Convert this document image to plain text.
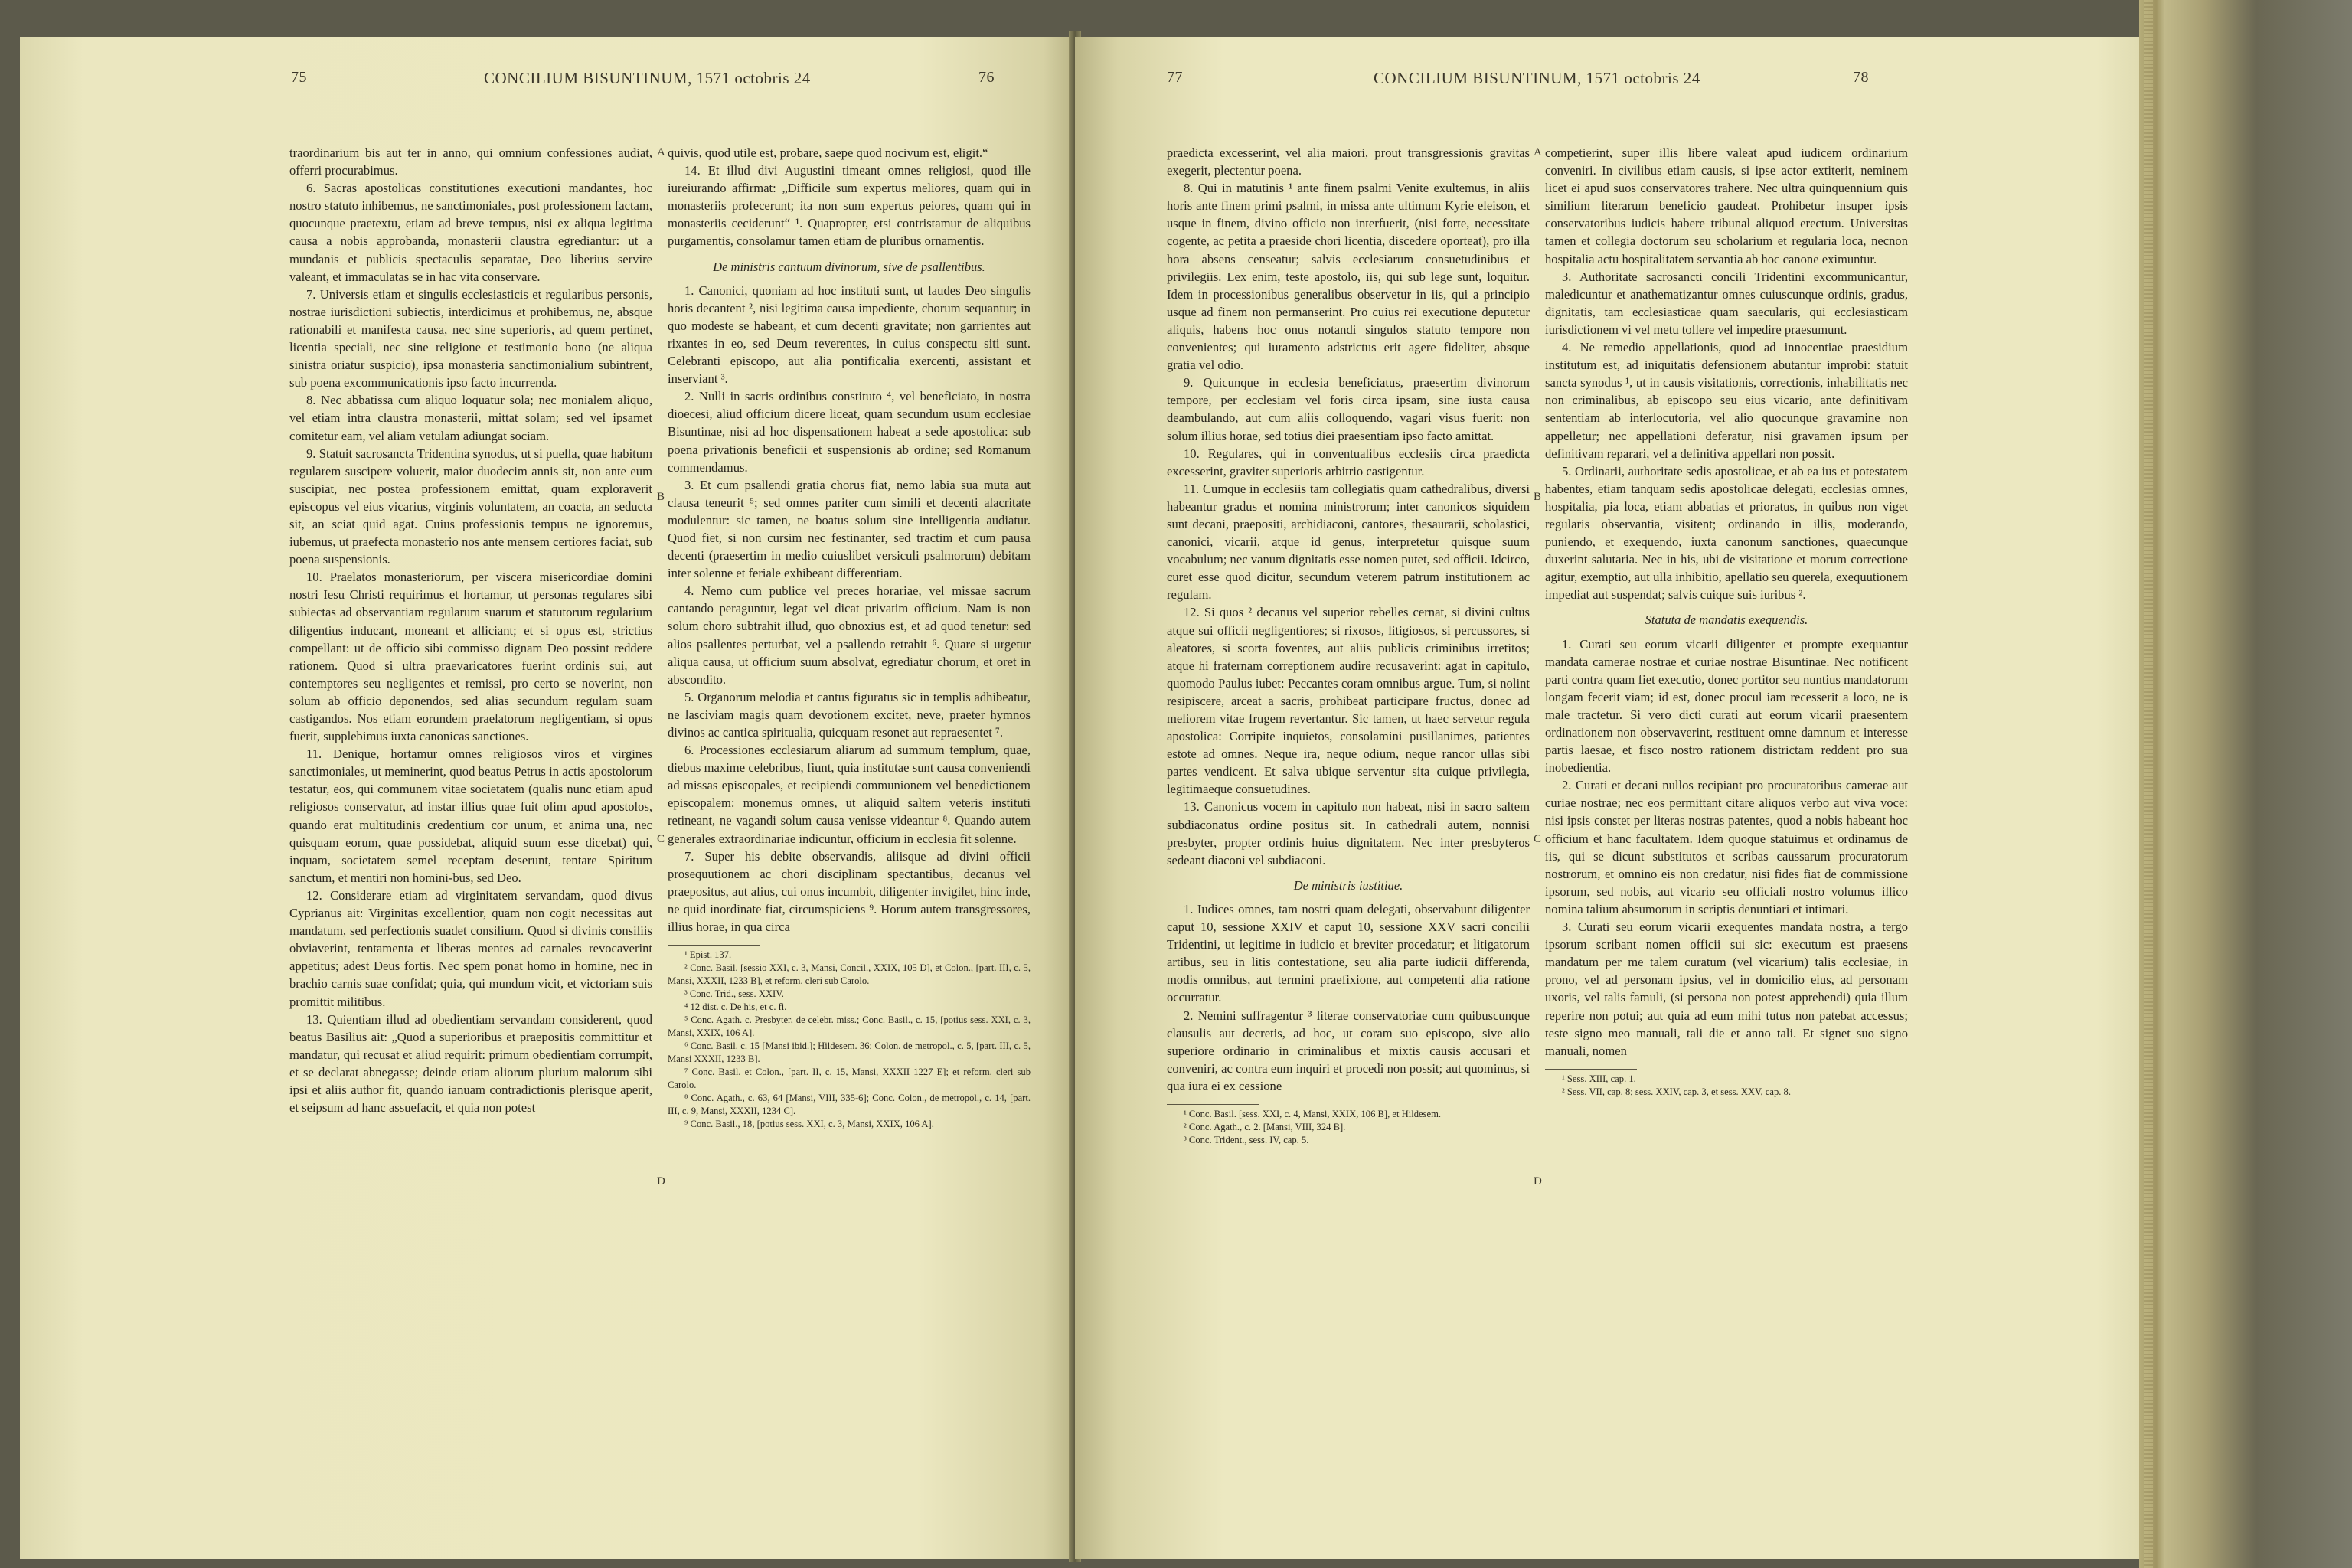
75	CONCILIUM BISUNTINUM, 1571 octobris 24	76

traordinarium bis aut ter in anno, qui omnium confessiones audiat, offerri procurabimus.

6. Sacras apostolicas constitutiones executioni mandantes, hoc nostro statuto inhibemus, ne sanctimoniales, post professionem factam, quocunque praetextu, etiam ad breve tempus, nisi ex aliqua legitima causa a nobis approbanda, monasterii claustra egrediantur: ut a mundanis et publicis spectaculis separatae, Deo liberius servire valeant, et immaculatas se in hac vita conservare.

7. Universis etiam et singulis ecclesiasticis et regularibus personis, nostrae iurisdictioni subiectis, interdicimus et prohibemus, ne, absque rationabili et manifesta causa, nec sine superioris, ad quem pertinet, licentia speciali, nec sine religione et testimonio bono (ne aliqua sinistra oriatur suspicio), ipsa monasteria sanctimonialium subintrent, sub poena excommunicationis ipso facto incurrenda.

8. Nec abbatissa cum aliquo loquatur sola; nec monialem aliquo, vel etiam intra claustra monasterii, mittat solam; sed vel ipsamet comitetur eam, vel aliam vetulam adiungat sociam.

9. Statuit sacrosancta Tridentina synodus, ut si puella, quae habitum regularem suscipere voluerit, maior duodecim annis sit, non ante eum suscipiat, nec postea professionem emittat, quam exploraverit episcopus vel eius vicarius, virginis voluntatem, an coacta, an seducta sit, an sciat quid agat. Cuius professionis tempus ne ignoremus, iubemus, ut praefecta monasterio nos ante mensem certiores faciat, sub poena suspensionis.

10. Praelatos monasteriorum, per viscera misericordiae domini nostri Iesu Christi requirimus et hortamur, ut personas regulares sibi subiectas ad observantiam regularum suarum et statutorum regularium diligentius inducant, moneant et alliciant; et si opus est, strictius compellant: ut de officio sibi commisso dignam Deo possint reddere rationem. Quod si ultra praevaricatores fuerint ordinis sui, aut contemptores seu negligentes et remissi, pro certo se noverint, non solum ab officio deponendos, sed alias secundum regulam suam castigandos. Nos etiam eorundem praelatorum negligentiam, si opus fuerit, supplebimus iuxta canonicas sanctiones.

11. Denique, hortamur omnes religiosos viros et virgines sanctimoniales, ut meminerint, quod beatus Petrus in actis apostolorum testatur, eos, qui communem vitae societatem (qualis nunc etiam apud religiosos conservatur, ad instar illius quae fuit olim apud apostolos, quando erat multitudinis credentium cor unum, et anima una, nec quisquam eorum, quae possidebat, aliquid suum esse dicebat) qui, inquam, societatem semel receptam deserunt, tentare Spiritum sanctum, et mentiri non homini-bus, sed Deo.

12. Considerare etiam ad virginitatem servandam, quod divus Cyprianus ait: Virginitas excellentior, quam non cogit necessitas aut mandatum, sed perfectionis suadet consilium. Quod si divinis consiliis obviaverint, tentamenta et liberas mentes ad carnales revocaverint appetitus; adest Deus fortis. Nec spem ponat homo in homine, nec in brachio carnis suae confidat; quia, qui mundum vicit, et victoriam suis promittit militibus.

13. Quientiam illud ad obedientiam servandam considerent, quod beatus Basilius ait: „Quod a superioribus et praepositis committitur et mandatur, qui recusat et aliud requirit: primum obedientiam corrumpit, et se declarat abnegasse; deinde etiam aliorum plurium malorum sibi ipsi et aliis author fit, quando ianuam contradictionis plerisque aperit, et seipsum ad hanc assuefacit, et quia non potest

quivis, quod utile est, probare, saepe quod nocivum est, eligit.“

14. Et illud divi Augustini timeant omnes religiosi, quod ille iureiurando affirmat: „Difficile sum expertus meliores, quam qui in monasteriis profecerunt; ita non sum expertus peiores, quam qui in monasteriis ceciderunt“ ¹. Quapropter, etsi contristamur de aliquibus purgamentis, consolamur tamen etiam de pluribus ornamentis.

De ministris cantuum divinorum, sive de psallentibus.

1. Canonici, quoniam ad hoc instituti sunt, ut laudes Deo singulis horis decantent ², nisi legitima causa impediente, chorum sequantur; in quo modeste se habeant, et cum decenti gravitate; non garrientes aut rixantes in eo, sed Deum reverentes, in cuius conspectu siti sunt. Celebranti episcopo, aut alia pontificalia exercenti, assistant et inserviant ³.

2. Nulli in sacris ordinibus constituto ⁴, vel beneficiato, in nostra dioecesi, aliud officium dicere liceat, quam secundum usum ecclesiae Bisuntinae, nisi ad hoc dispensationem habeat a sede apostolica: sub poena privationis beneficii et suspensionis ab ordine; sed Romanum commendamus.

3. Et cum psallendi gratia chorus fiat, nemo labia sua muta aut clausa teneurit ⁵; sed omnes pariter cum simili et decenti alacritate modulentur: sic tamen, ne boatus solum sine intelligentia audiatur. Quod fiet, si non cursim nec festinanter, sed tractim et cum pausa decenti (praesertim in medio cuiuslibet versiculi psalmorum) debitam inter solenne et feriale exhibeant differentiam.

4. Nemo cum publice vel preces horariae, vel missae sacrum cantando peraguntur, legat vel dicat privatim officium. Nam is non solum choro subtrahit illud, quo obnoxius est, et ad quod tenetur: sed alios psallentes perturbat, vel a psallendo retrahit ⁶. Quare si urgetur aliqua causa, ut officium suum absolvat, egrediatur chorum, et oret in abscondito.

5. Organorum melodia et cantus figuratus sic in templis adhibeatur, ne lasciviam magis quam devotionem excitet, neve, praeter hymnos divinos ac cantica spiritualia, quicquam resonet aut repraesentet ⁷.

6. Processiones ecclesiarum aliarum ad summum templum, quae, diebus maxime celebribus, fiunt, quia institutae sunt causa conveniendi ad missas episcopales, et recipiendi communionem vel benedictionem episcopalem: monemus omnes, ut aliquid saltem veteris instituti retineant, ne vagandi solum causa venisse videantur ⁸. Quando autem generales extraordinariae indicuntur, officium in ecclesia fit solenne.

7. Super his debite observandis, aliisque ad divini officii prosequutionem ac chori disciplinam spectantibus, decanus vel praepositus, aut alius, cui onus incumbit, diligenter invigilet, hinc inde, ne quid inordinate fiat, circumspiciens ⁹. Horum autem transgressores, illius horae, in qua circa

¹ Epist. 137.

² Conc. Basil. [sessio XXI, c. 3, Mansi, Concil., XXIX, 105 D], et Colon., [part. III, c. 5, Mansi, XXXII, 1233 B], et reform. cleri sub Carolo.

³ Conc. Trid., sess. XXIV.

⁴ 12 dist. c. De his, et c. fi.

⁵ Conc. Agath. c. Presbyter, de celebr. miss.; Conc. Basil., c. 15, [potius sess. XXI, c. 3, Mansi, XXIX, 106 A].

⁶ Conc. Basil. c. 15 [Mansi ibid.]; Hildesem. 36; Colon. de metropol., c. 5, [part. III, c. 5, Mansi XXXII, 1233 B].

⁷ Conc. Basil. et Colon., [part. II, c. 15, Mansi, XXXII 1227 E]; et reform. cleri sub Carolo.

⁸ Conc. Agath., c. 63, 64 [Mansi, VIII, 335-6]; Conc. Colon., de metropol., c. 14, [part. III, c. 9, Mansi, XXXII, 1234 C].

⁹ Conc. Basil., 18, [potius sess. XXI, c. 3, Mansi, XXIX, 106 A].

A
B
C
D
77	CONCILIUM BISUNTINUM, 1571 octobris 24	78

praedicta excesserint, vel alia maiori, prout transgressionis gravitas exegerit, plectentur poena.

8. Qui in matutinis ¹ ante finem psalmi Venite exultemus, in aliis horis ante finem primi psalmi, in missa ante ultimum Kyrie eleison, et usque in finem, divino officio non interfuerit, (nisi forte, necessitate cogente, ac petita a praeside chori licentia, discedere oporteat), pro illa hora absens censeatur; salvis ecclesiarum consuetudinibus et privilegiis. Lex enim, teste apostolo, iis, qui sub lege sunt, loquitur. Idem in processionibus generalibus observetur in iis, qui a principio usque ad finem non permanserint. Pro cuius rei executione deputetur aliquis, habens hoc onus notandi singulos statuto tempore non convenientes; qui iuramento adstrictus erit agere fideliter, absque gratia vel odio.

9. Quicunque in ecclesia beneficiatus, praesertim divinorum tempore, per ecclesiam vel foris circa ipsam, sine iusta causa deambulando, aut cum aliis colloquendo, vagari visus fuerit: non solum illius horae, sed totius diei praesentiam ipso facto amittat.

10. Regulares, qui in conventualibus ecclesiis circa praedicta excesserint, graviter superioris arbitrio castigentur.

11. Cumque in ecclesiis tam collegiatis quam cathedralibus, diversi habeantur gradus et nomina ministrorum; inter canonicos siquidem sunt decani, praepositi, archidiaconi, cantores, thesaurarii, scholastici, canonici, vicarii, atque id genus, interpretetur quisque suum vocabulum; nec vanum dignitatis esse nomen putet, sed officii. Idcirco, curet esse quod dicitur, secundum veterem patrum institutionem ac regulam.

12. Si quos ² decanus vel superior rebelles cernat, si divini cultus atque sui officii negligentiores; si rixosos, litigiosos, si percussores, si aleatores, si scorta foventes, aut aliis publicis criminibus irretitos; atque hi fraternam correptionem audire recusaverint: agat in capitulo, quomodo Paulus iubet: Peccantes coram omnibus argue. Tum, si nolint resipiscere, arceat a sacris, prohibeat participare fructus, donec ad meliorem vitae frugem revertantur. Sic tamen, ut haec servetur regula apostolica: Corripite inquietos, consolamini pusillanimes, patientes estote ad omnes. Neque ira, neque odium, neque rancor ullas sibi partes vendicent. Et salva ubique serventur sita cuique privilegia, legitimaeque consuetudines.

13. Canonicus vocem in capitulo non habeat, nisi in sacro saltem subdiaconatus ordine positus sit. In cathedrali autem, nonnisi presbyter, propter ordinis huius dignitatem. Nec inter presbyteros sedeant diaconi vel subdiaconi.

De ministris iustitiae.

1. Iudices omnes, tam nostri quam delegati, observabunt diligenter caput 10, sessione XXIV et caput 10, sessione XXV sacri concilii Tridentini, ut legitime in iudicio et breviter procedatur; et litigatorum artibus, seu in litis contestatione, seu alia parte iudicii differenda, modis omnibus, aut termini praefixione, aut competenti alia ratione occurratur.

2. Nemini suffragentur ³ literae conservatoriae cum quibuscunque clausulis aut decretis, ad hoc, ut coram suo episcopo, sive alio superiore ordinario in criminalibus et mixtis causis accusari et conveniri, ac contra eum inquiri et procedi non possit; aut quominus, si qua iura ei ex cessione

¹ Conc. Basil. [sess. XXI, c. 4, Mansi, XXIX, 106 B], et Hildesem.

² Conc. Agath., c. 2. [Mansi, VIII, 324 B].

³ Conc. Trident., sess. IV, cap. 5.

competierint, super illis libere valeat apud iudicem ordinarium conveniri. In civilibus etiam causis, si ipse actor extiterit, neminem licet ei apud suos conservatores trahere. Nec ultra quinquennium quis similium literarum beneficio gaudeat. Prohibetur insuper ipsis conservatoribus iudicis habere tribunal aliquod erectum. Universitas tamen et collegia doctorum seu scholarium et regularia loca, necnon hospitalia actu hospitalitatem servantia ab hoc canone eximuntur.

3. Authoritate sacrosancti concili Tridentini excommunicantur, maledicuntur et anathematizantur omnes cuiuscunque ordinis, gradus, dignitatis, tam ecclesiasticae quam saecularis, qui ecclesiasticam iurisdictionem vi vel metu tollere vel impedire praesumunt.

4. Ne remedio appellationis, quod ad innocentiae praesidium institutum est, ad iniquitatis defensionem abutantur improbi: statuit sancta synodus ¹, ut in causis visitationis, correctionis, inhabilitatis nec non criminalibus, ab episcopo seu eius vicario, ante definitivam sententiam ab interlocutoria, vel alio quocunque gravamine non appelletur; nec appellationi deferatur, nisi gravamen ipsum per definitivam reparari, vel a definitiva appellari non possit.

5. Ordinarii, authoritate sedis apostolicae, et ab ea ius et potestatem habentes, etiam tanquam sedis apostolicae delegati, ecclesias omnes, hospitalia, pia loca, etiam abbatias et prioratus, in quibus non viget regularis observantia, visitent; ordinando in illis, moderando, puniendo, et exequendo, iuxta canonum sanctiones, quaecunque duxerint salutaria. Nec in his, ubi de visitatione et morum correctione agitur, exemptio, aut ulla inhibitio, apellatio seu querela, exequutionem impediat aut suspendat; salvis cuique suis iuribus ².

Statuta de mandatis exequendis.

1. Curati seu eorum vicarii diligenter et prompte exequantur mandata camerae nostrae et curiae nostrae Bisuntinae. Nec notificent parti contra quam fiet executio, donec portitor seu nuntius mandatorum longam fecerit viam; id est, donec procul iam recesserit a loco, ne is male tractetur. Si vero dicti curati aut eorum vicarii praesentem ordinationem non observaverint, restituent omne damnum et interesse partis laesae, et fisco nostro rationem districtam reddent pro sua inobedientia.

2. Curati et decani nullos recipiant pro procuratoribus camerae aut curiae nostrae; nec eos permittant citare aliquos verbo aut viva voce: nisi ipsis constet per literas nostras patentes, quod a nobis habeant hoc officium et hanc facultatem. Idem quoque statuimus et ordinamus de iis, qui se dicunt substitutos et scribas caussarum procuratorum nostrorum, et omnino eis non credatur, nisi fides fiat de commissione ipsorum, sed nobis, aut vicario seu officiali nostro volumus illico nomina talium absumorum in scriptis denuntiari et intimari.

3. Curati seu eorum vicarii exequentes mandata nostra, a tergo ipsorum scribant nomen officii sui sic: executum est praesens mandatum per me talem curatum (vel vicarium) talis ecclesiae, in prono, vel ad personam ipsius, vel in domicilio eius, ad personam uxoris, vel talis famuli, (si persona non potest apprehendi) quia illum reperire non potui; aut quia ad eum mihi tutus non patebat accessus; teste signo meo manuali, tali die et anno tali. Et signet suo signo manuali, nomen

¹ Sess. XIII, cap. 1.

² Sess. VII, cap. 8; sess. XXIV, cap. 3, et sess. XXV, cap. 8.

A
B
C
D
